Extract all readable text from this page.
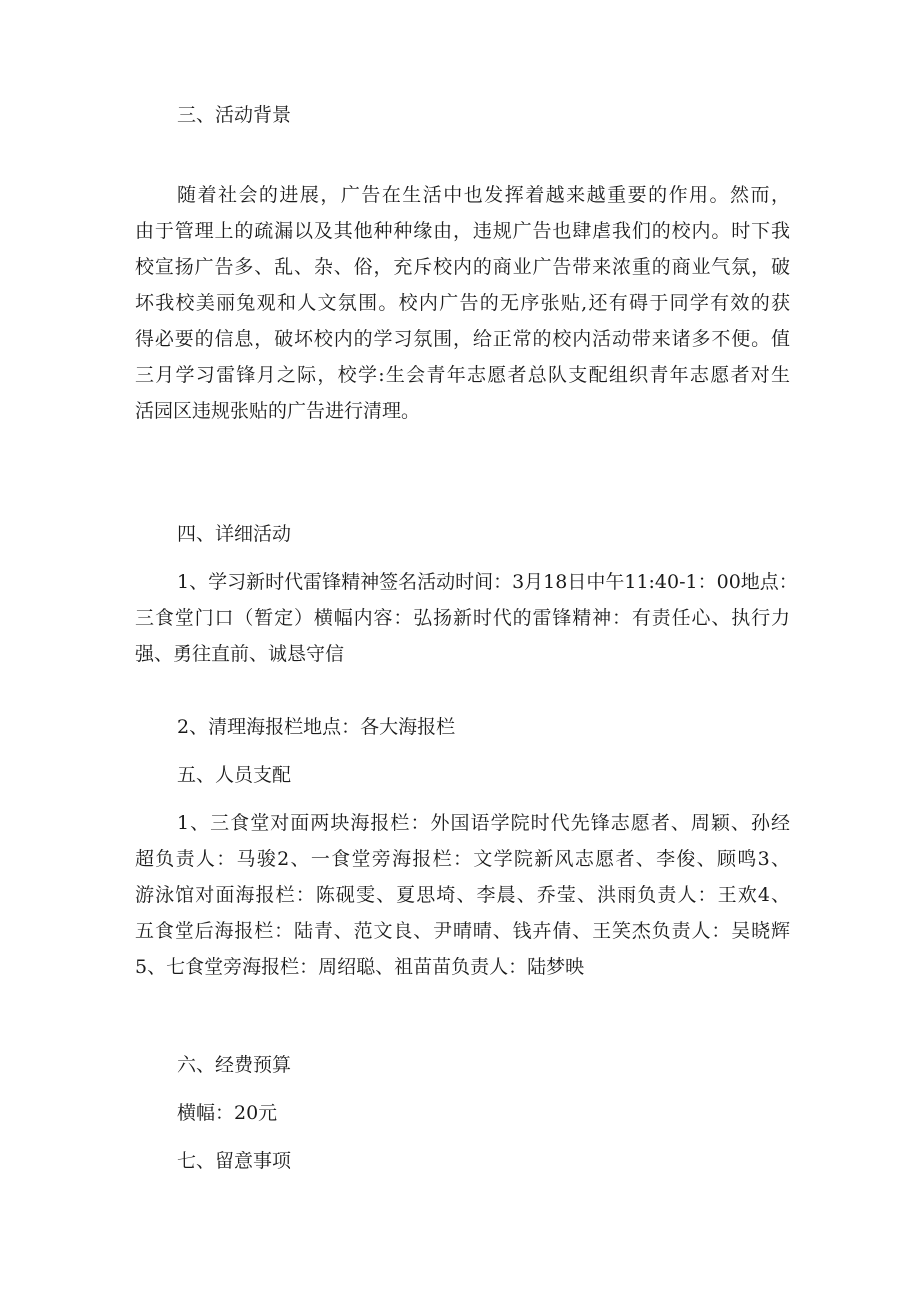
三、活动背景
随着社会的进展，广告在生活中也发挥着越来越重要的作用。然而，
由于管理上的疏漏以及其他种种缘由，违规广告也肆虐我们的校内。时下我
校宣扬广告多、乱、杂、俗，充斥校内的商业广告带来浓重的商业气氛，破
坏我校美丽兔观和人文氛围。校内广告的无序张贴,还有碍于同学有效的获
得必要的信息，破坏校内的学习氛围，给正常的校内活动带来诸多不便。值
三月学习雷锋月之际，校学:生会青年志愿者总队支配组织青年志愿者对生
活园区违规张贴的广告进行清理。
四、详细活动
1、学习新时代雷锋精神签名活动时间：3月18日中午11:40-1：00地点：
三食堂门口（暂定）横幅内容：弘扬新时代的雷锋精神：有责任心、执行力
强、勇往直前、诚恳守信
2、清理海报栏地点：各大海报栏
五、人员支配
1、三食堂对面两块海报栏：外国语学院时代先锋志愿者、周颖、孙经
超负责人：马骏2、一食堂旁海报栏：文学院新风志愿者、李俊、顾鸣3、
游泳馆对面海报栏：陈砚雯、夏思埼、李晨、乔莹、洪雨负责人：王欢4、
五食堂后海报栏：陆青、范文良、尹晴晴、钱卉倩、王笑杰负责人：吴晓辉
5、七食堂旁海报栏：周绍聪、祖苗苗负责人：陆梦映
六、经费预算
横幅：20元
七、留意事项
